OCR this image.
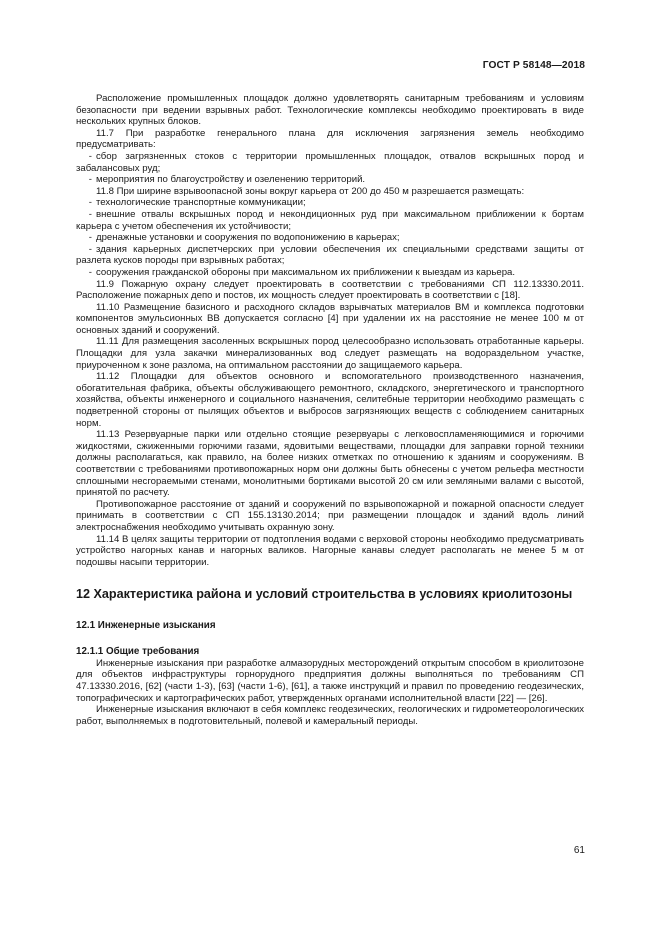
ГОСТ Р 58148—2018

Расположение промышленных площадок должно удовлетворять санитарным требованиям и условиям безопасности при ведении взрывных работ. Технологические комплексы необходимо проектировать в виде нескольких крупных блоков.

11.7 При разработке генерального плана для исключения загрязнения земель необходимо предусматривать:

- сбор загрязненных стоков с территории промышленных площадок, отвалов вскрышных пород и забалансовых руд;

- мероприятия по благоустройству и озеленению территорий.

11.8 При ширине взрывоопасной зоны вокруг карьера от 200 до 450 м разрешается размещать:

- технологические транспортные коммуникации;

- внешние отвалы вскрышных пород и некондиционных руд при максимальном приближении к бортам карьера с учетом обеспечения их устойчивости;

- дренажные установки и сооружения по водопонижению в карьерах;

- здания карьерных диспетчерских при условии обеспечения их специальными средствами защиты от разлета кусков породы при взрывных работах;

- сооружения гражданской обороны при максимальном их приближении к выездам из карьера.

11.9 Пожарную охрану следует проектировать в соответствии с требованиями СП 112.13330.2011. Расположение пожарных депо и постов, их мощность следует проектировать в соответствии с [18].

11.10 Размещение базисного и расходного складов взрывчатых материалов ВМ и комплекса подготовки компонентов эмульсионных ВВ допускается согласно [4] при удалении их на расстояние не менее 100 м от основных зданий и сооружений.

11.11 Для размещения засоленных вскрышных пород целесообразно использовать отработанные карьеры. Площадки для узла закачки минерализованных вод следует размещать на водораздельном участке, приуроченном к зоне разлома, на оптимальном расстоянии до защищаемого карьера.

11.12 Площадки для объектов основного и вспомогательного производственного назначения, обогатительная фабрика, объекты обслуживающего ремонтного, складского, энергетического и транспортного хозяйства, объекты инженерного и социального назначения, селитебные территории необходимо размещать с подветренной стороны от пылящих объектов и выбросов загрязняющих веществ с соблюдением санитарных норм.

11.13 Резервуарные парки или отдельно стоящие резервуары с легковоспламеняющимися и горючими жидкостями, сжиженными горючими газами, ядовитыми веществами, площадки для заправки горной техники должны располагаться, как правило, на более низких отметках по отношению к зданиям и сооружениям. В соответствии с требованиями противопожарных норм они должны быть обнесены с учетом рельефа местности сплошными несгораемыми стенами, монолитными бортиками высотой 20 см или земляными валами с высотой, принятой по расчету.

Противопожарное расстояние от зданий и сооружений по взрывопожарной и пожарной опасности следует принимать в соответствии с СП 155.13130.2014; при размещении площадок и зданий вдоль линий электроснабжения необходимо учитывать охранную зону.

11.14 В целях защиты территории от подтопления водами с верховой стороны необходимо предусматривать устройство нагорных канав и нагорных валиков. Нагорные канавы следует располагать не менее 5 м от подошвы насыпи территории.

12 Характеристика района и условий строительства в условиях криолитозоны
12.1 Инженерные изыскания
12.1.1 Общие требования

Инженерные изыскания при разработке алмазорудных месторождений открытым способом в криолитозоне для объектов инфраструктуры горнорудного предприятия должны выполняться по требованиям СП 47.13330.2016, [62] (части 1-3), [63] (части 1-6), [61], а также инструкций и правил по проведению геодезических, топографических и картографических работ, утвержденных органами исполнительной власти [22] — [26].

Инженерные изыскания включают в себя комплекс геодезических, геологических и гидрометеорологических работ, выполняемых в подготовительный, полевой и камеральный периоды.

61
